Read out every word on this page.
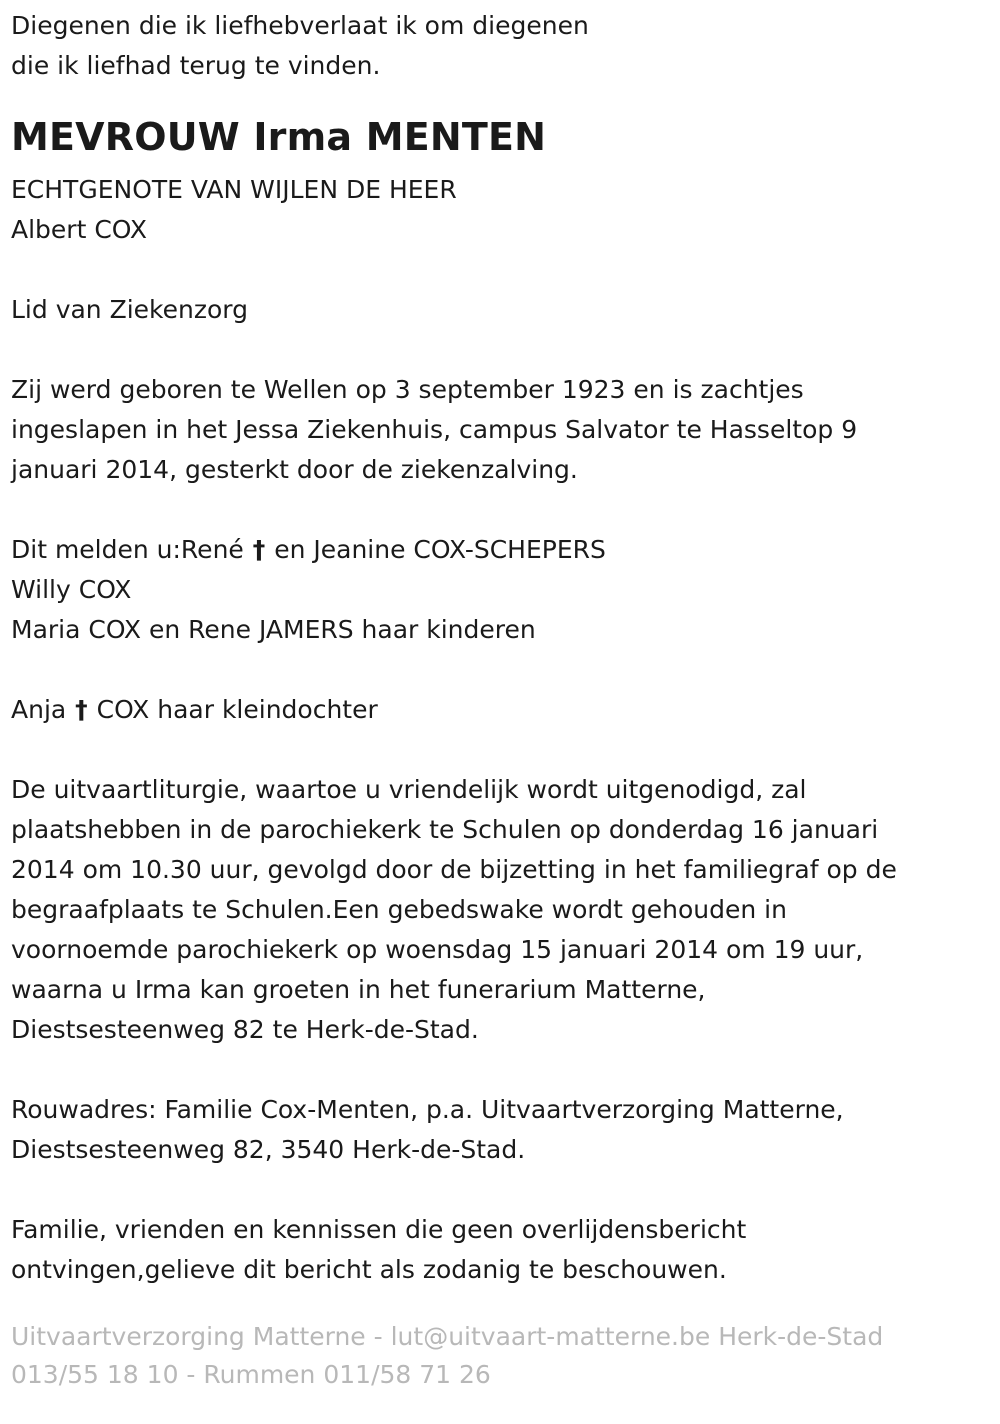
Diegenen die ik liefhebverlaat ik om diegenen

die ik liefhad terug te vinden.

MEVROUW Irma MENTEN

ECHTGENOTE VAN WIJLEN DE HEER

Albert COX

Lid van Ziekenzorg

Zij werd geboren te Wellen op 3 september 1923 en is zachtjes

ingeslapen in het Jessa Ziekenhuis, campus Salvator te Hasseltop 9

januari 2014, gesterkt door de ziekenzalving.

Dit melden u:René † en Jeanine COX-SCHEPERS

Willy COX

Maria COX en Rene JAMERS haar kinderen

Anja † COX haar kleindochter

De uitvaartliturgie, waartoe u vriendelijk wordt uitgenodigd, zal

plaatshebben in de parochiekerk te Schulen op donderdag 16 januari

2014 om 10.30 uur, gevolgd door de bijzetting in het familiegraf op de

begraafplaats te Schulen.Een gebedswake wordt gehouden in

voornoemde parochiekerk op woensdag 15 januari 2014 om 19 uur,

waarna u Irma kan groeten in het funerarium Matterne,

Diestsesteenweg 82 te Herk-de-Stad.

Rouwadres: Familie Cox-Menten, p.a. Uitvaartverzorging Matterne,

Diestsesteenweg 82, 3540 Herk-de-Stad.

Familie, vrienden en kennissen die geen overlijdensbericht

ontvingen,gelieve dit bericht als zodanig te beschouwen.

Uitvaartverzorging Matterne - lut@uitvaart-matterne.be Herk-de-Stad

013/55 18 10 - Rummen 011/58 71 26
